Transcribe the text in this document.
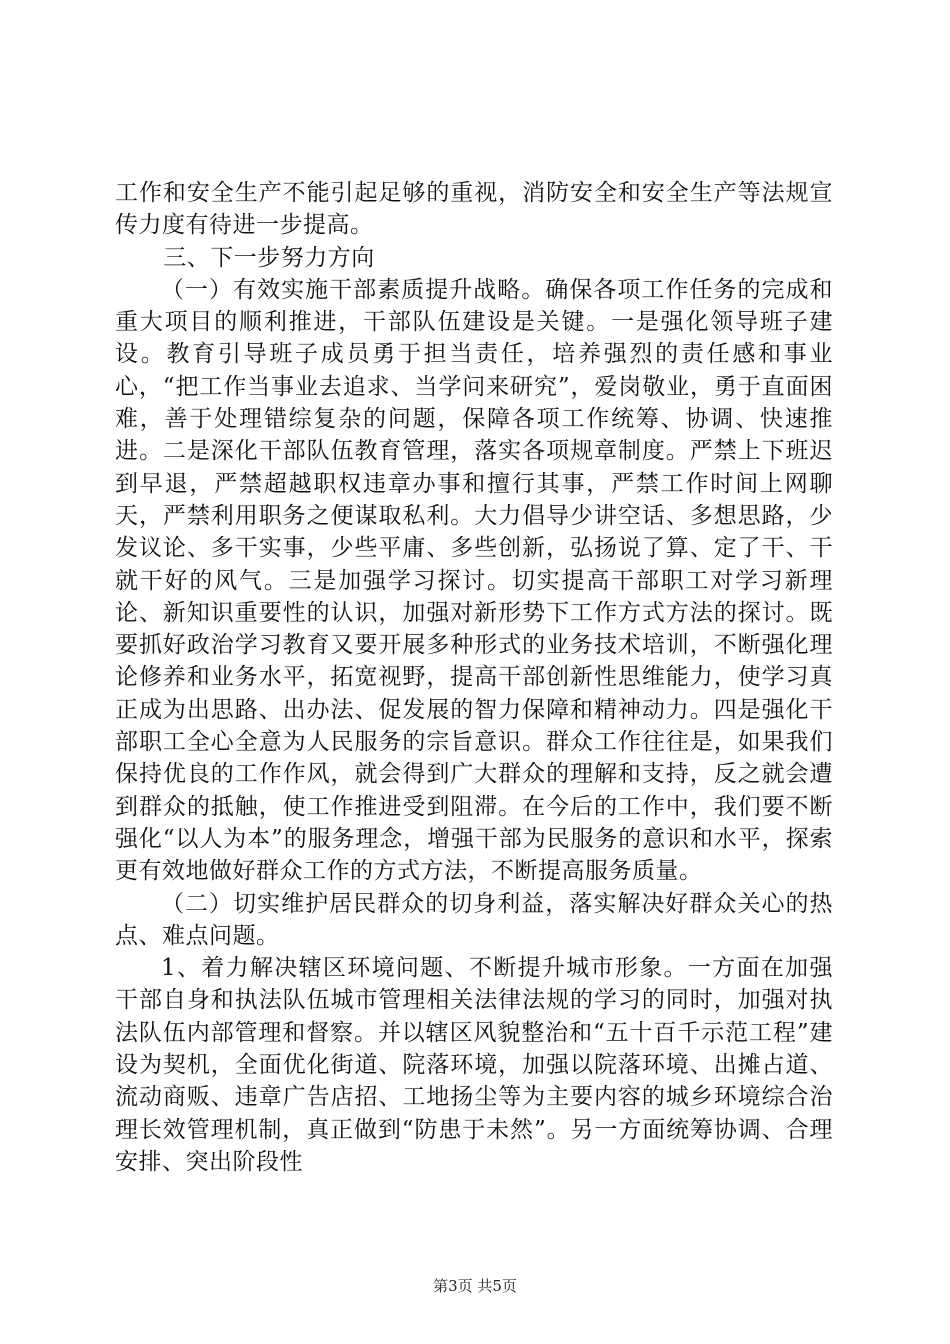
工作和安全生产不能引起足够的重视，消防安全和安全生产等法规宣传力度有待进一步提高。

三、下一步努力方向

（一）有效实施干部素质提升战略。确保各项工作任务的完成和重大项目的顺利推进，干部队伍建设是关键。一是强化领导班子建设。教育引导班子成员勇于担当责任，培养强烈的责任感和事业心，“把工作当事业去追求、当学问来研究”，爱岗敬业，勇于直面困难，善于处理错综复杂的问题，保障各项工作统筹、协调、快速推进。二是深化干部队伍教育管理，落实各项规章制度。严禁上下班迟到早退，严禁超越职权违章办事和擅行其事，严禁工作时间上网聊天，严禁利用职务之便谋取私利。大力倡导少讲空话、多想思路，少发议论、多干实事，少些平庸、多些创新，弘扬说了算、定了干、干就干好的风气。三是加强学习探讨。切实提高干部职工对学习新理论、新知识重要性的认识，加强对新形势下工作方式方法的探讨。既要抓好政治学习教育又要开展多种形式的业务技术培训，不断强化理论修养和业务水平，拓宽视野，提高干部创新性思维能力，使学习真正成为出思路、出办法、促发展的智力保障和精神动力。四是强化干部职工全心全意为人民服务的宗旨意识。群众工作往往是，如果我们保持优良的工作作风，就会得到广大群众的理解和支持，反之就会遭到群众的抵触，使工作推进受到阻滞。在今后的工作中，我们要不断强化“以人为本”的服务理念，增强干部为民服务的意识和水平，探索更有效地做好群众工作的方式方法，不断提高服务质量。

（二）切实维护居民群众的切身利益，落实解决好群众关心的热点、难点问题。

1、着力解决辖区环境问题、不断提升城市形象。一方面在加强干部自身和执法队伍城市管理相关法律法规的学习的同时，加强对执法队伍内部管理和督察。并以辖区风貌整治和“五十百千示范工程”建设为契机，全面优化街道、院落环境，加强以院落环境、出摊占道、流动商贩、违章广告店招、工地扬尘等为主要内容的城乡环境综合治理长效管理机制，真正做到“防患于未然”。另一方面统筹协调、合理安排、突出阶段性

第3页 共5页
